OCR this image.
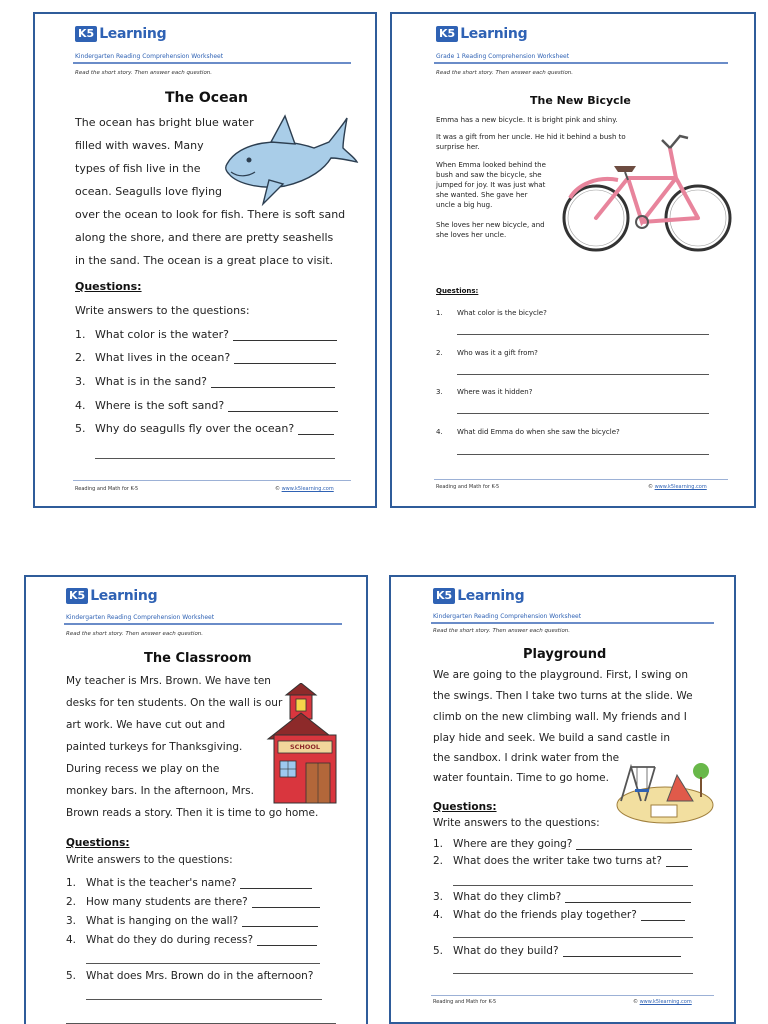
K5 Learning
Kindergarten Reading Comprehension Worksheet
Read the short story. Then answer each question.
The Ocean
The ocean has bright blue water
filled with waves. Many
types of fish live in the
ocean. Seagulls love flying
over the ocean to look for fish. There is soft sand
along the shore, and there are pretty seashells
in the sand. The ocean is a great place to visit.
Questions:
Write answers to the questions:
1. What color is the water?
2. What lives in the ocean?
3. What is in the sand?
4. Where is the soft sand?
5. Why do seagulls fly over the ocean?
Reading and Math for K-5	© www.k5learning.com
K5 Learning
Grade 1 Reading Comprehension Worksheet
Read the short story. Then answer each question.
The New Bicycle
Emma has a new bicycle. It is bright pink and shiny.
It was a gift from her uncle. He hid it behind a bush to
surprise her.
When Emma looked behind the
bush and saw the bicycle, she
jumped for joy. It was just what
she wanted. She gave her
uncle a big hug.
She loves her new bicycle, and
she loves her uncle.
Questions:
1. What color is the bicycle?
2. Who was it a gift from?
3. Where was it hidden?
4. What did Emma do when she saw the bicycle?
Reading and Math for K-5	© www.k5learning.com
K5 Learning
Kindergarten Reading Comprehension Worksheet
Read the short story. Then answer each question.
The Classroom
My teacher is Mrs. Brown. We have ten
desks for ten students. On the wall is our
art work. We have cut out and
painted turkeys for Thanksgiving.
During recess we play on the
monkey bars. In the afternoon, Mrs.
Brown reads a story. Then it is time to go home.
SCHOOL
Questions:
Write answers to the questions:
1. What is the teacher's name?
2. How many students are there?
3. What is hanging on the wall?
4. What do they do during recess?
5. What does Mrs. Brown do in the afternoon?
K5 Learning
Kindergarten Reading Comprehension Worksheet
Read the short story. Then answer each question.
Playground
We are going to the playground. First, I swing on
the swings. Then I take two turns at the slide. We
climb on the new climbing wall. My friends and I
play hide and seek. We build a sand castle in
the sandbox. I drink water from the
water fountain. Time to go home.
Questions:
Write answers to the questions:
1. Where are they going?
2. What does the writer take two turns at?
3. What do they climb?
4. What do the friends play together?
5. What do they build?
Reading and Math for K-5	© www.k5learning.com
